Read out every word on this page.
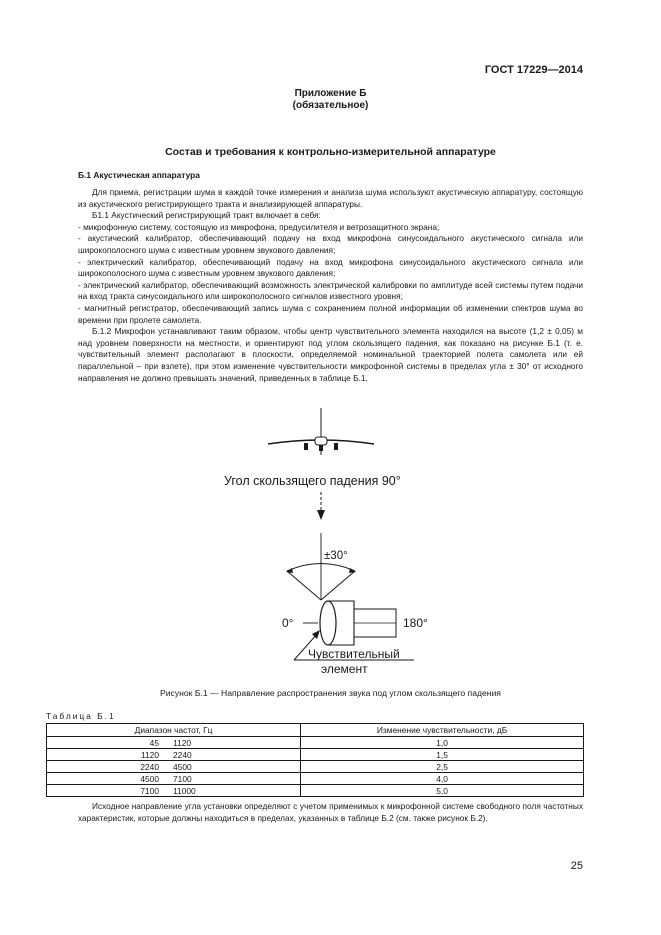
ГОСТ 17229—2014
Приложение Б
(обязательное)
Состав и требования к контрольно-измерительной аппаратуре
Б.1 Акустическая аппаратура

Для приема, регистрации шума в каждой точке измерения и анализа шума используют акустическую аппаратуру, состоящую из акустического регистрирующего тракта и анализирующей аппаратуры.

Б1.1 Акустический регистрирующий тракт включает в себя:

- микрофонную систему, состоящую из микрофона, предусилителя и ветрозащитного экрана;

- акустический калибратор, обеспечивающий подачу на вход микрофона синусоидального акустического сигнала или широкополосного шума с известным уровнем звукового давления;

- электрический калибратор, обеспечивающий подачу на вход микрофона синусоидального акустического сигнала или широкополосного шума с известным уровнем звукового давления;

- электрический калибратор, обеспечивающий возможность электрической калибровки по амплитуде всей системы путем подачи на вход тракта синусоидального или широкополосного сигналов известного уровня;

- магнитный регистратор, обеспечивающий запись шума с сохранением полной информации об изменении спектров шума во времени при пролете самолета.

Б.1.2 Микрофон устанавливают таким образом, чтобы центр чувствительного элемента находился на высоте (1,2 ± 0,05) м над уровнем поверхности на местности, и ориентируют под углом скользящего падения, как показано на рисунке Б.1 (т. е. чувствительный элемент располагают в плоскости, определяемой номинальной траекторией полета самолета или ей параллельной – при взлете), при этом изменение чувствительности микрофонной системы в пределах угла ± 30° от исходного направления не должно превышать значений, приведенных в таблице Б.1.

Угол скользящего падения 90°
±30°
0°	180°
Чувствительный
элемент
Рисунок Б.1 — Направление распространения звука под углом скользящего падения
Таблица Б.1
Диапазон частот, Гц	Изменение чувствительности, дБ
45 1120	1,0
1120 2240	1,5
2240 4500	2,5
4500 7100	4,0
7100 11000	5,0

Исходное направление угла установки определяют с учетом применимых к микрофонной системе свободного поля частотных характеристик, которые должны находиться в пределах, указанных в таблице Б.2 (см. также рисунок Б.2).

25
